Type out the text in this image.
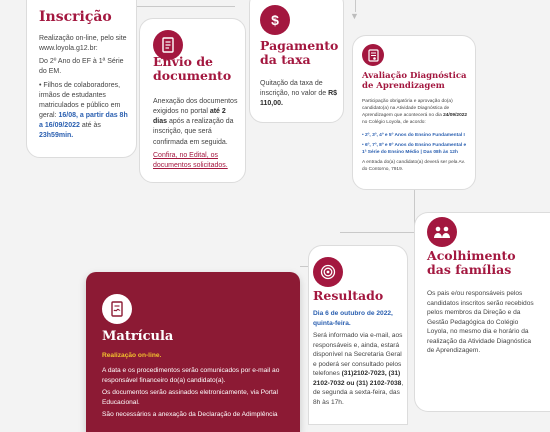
▼
Inscrição

Realização on-line, pelo site www.loyola.g12.br:

Do 2º Ano do EF à 1ª Série do EM.

• Filhos de colaboradores, irmãos de estudantes matriculados e público em geral: 16/08, a partir das 8h a 16/09/2022 até às 23h59min.

Envio de documento

Anexação dos documentos exigidos no portal até 2 dias após a realização da inscrição, que será confirmada em seguida.

Confira, no Edital, os documentos solicitados.

$
Pagamento da taxa
Quitação da taxa de inscrição, no valor de R$ 110,00.
Avaliação Diagnóstica de Aprendizagem

Participação obrigatória e aprovação do(a) candidato(a) na Atividade Diagnóstica de Aprendizagem que acontecerá no dia 24/09/2022 no Colégio Loyola, de acordo:

• 2º, 3º, 4º e 5º Anos do Ensino Fundamental I

• 6º, 7º, 8º e 9º Anos do Ensino Fundamental e 1ª Série do Ensino Médio | Das 08h às 12h

A entrada do(a) candidato(a) deverá ser pela Av. do Contorno, 7919.

Acolhimento das famílias
Os pais e/ou responsáveis pelos candidatos inscritos serão recebidos pelos membros da Direção e da Gestão Pedagógica do Colégio Loyola, no mesmo dia e horário da realização da Atividade Diagnóstica de Aprendizagem.
Resultado

Dia 6 de outubro de 2022, quinta-feira.

Será informado via e-mail, aos responsáveis e, ainda, estará disponível na Secretaria Geral e poderá ser consultado pelos telefones (31)2102-7023, (31) 2102-7032 ou (31) 2102-7038, de segunda a sexta-feira, das 8h às 17h.

Matrícula
Realização on-line.

A data e os procedimentos serão comunicados por e-mail ao responsável financeiro do(a) candidato(a).

Os documentos serão assinados eletronicamente, via Portal Educacional.

São necessários a anexação da Declaração de Adimplência
